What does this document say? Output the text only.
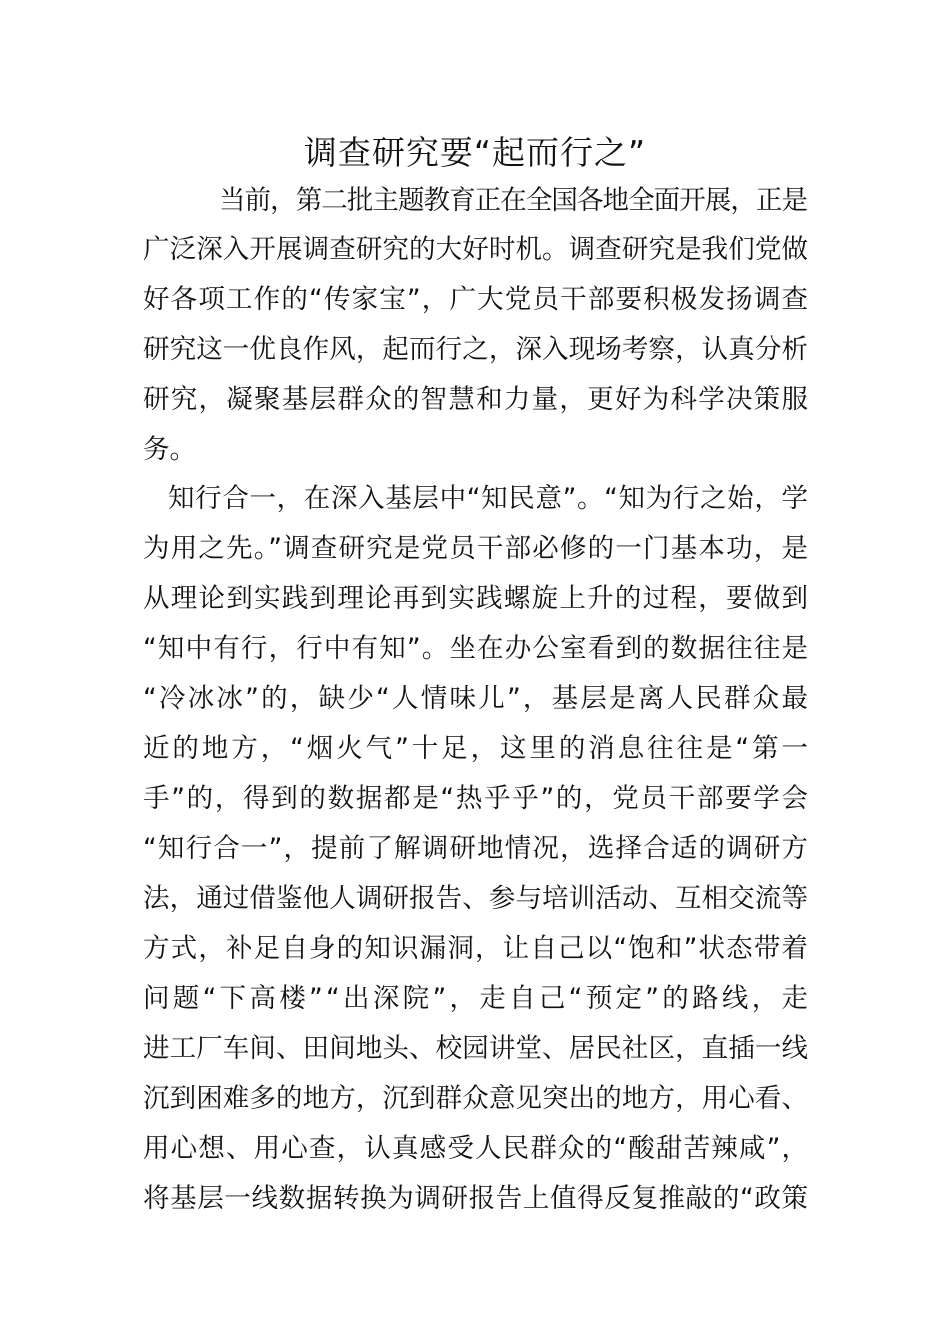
调查研究要“起而行之”
当前，第二批主题教育正在全国各地全面开展，正是
广泛深入开展调查研究的大好时机。调查研究是我们党做
好各项工作的“传家宝”，广大党员干部要积极发扬调查
研究这一优良作风，起而行之，深入现场考察，认真分析
研究，凝聚基层群众的智慧和力量，更好为科学决策服
务。
知行合一，在深入基层中“知民意”。“知为行之始，学
为用之先。”调查研究是党员干部必修的一门基本功，是
从理论到实践到理论再到实践螺旋上升的过程，要做到
“知中有行，行中有知”。坐在办公室看到的数据往往是
“冷冰冰”的，缺少“人情味儿”，基层是离人民群众最
近的地方，“烟火气”十足，这里的消息往往是“第一
手”的，得到的数据都是“热乎乎”的，党员干部要学会
“知行合一”，提前了解调研地情况，选择合适的调研方
法，通过借鉴他人调研报告、参与培训活动、互相交流等
方式，补足自身的知识漏洞，让自己以“饱和”状态带着
问题“下高楼”“出深院”，走自己“预定”的路线，走
进工厂车间、田间地头、校园讲堂、居民社区，直插一线
沉到困难多的地方，沉到群众意见突出的地方，用心看、
用心想、用心查，认真感受人民群众的“酸甜苦辣咸”，
将基层一线数据转换为调研报告上值得反复推敲的“政策
